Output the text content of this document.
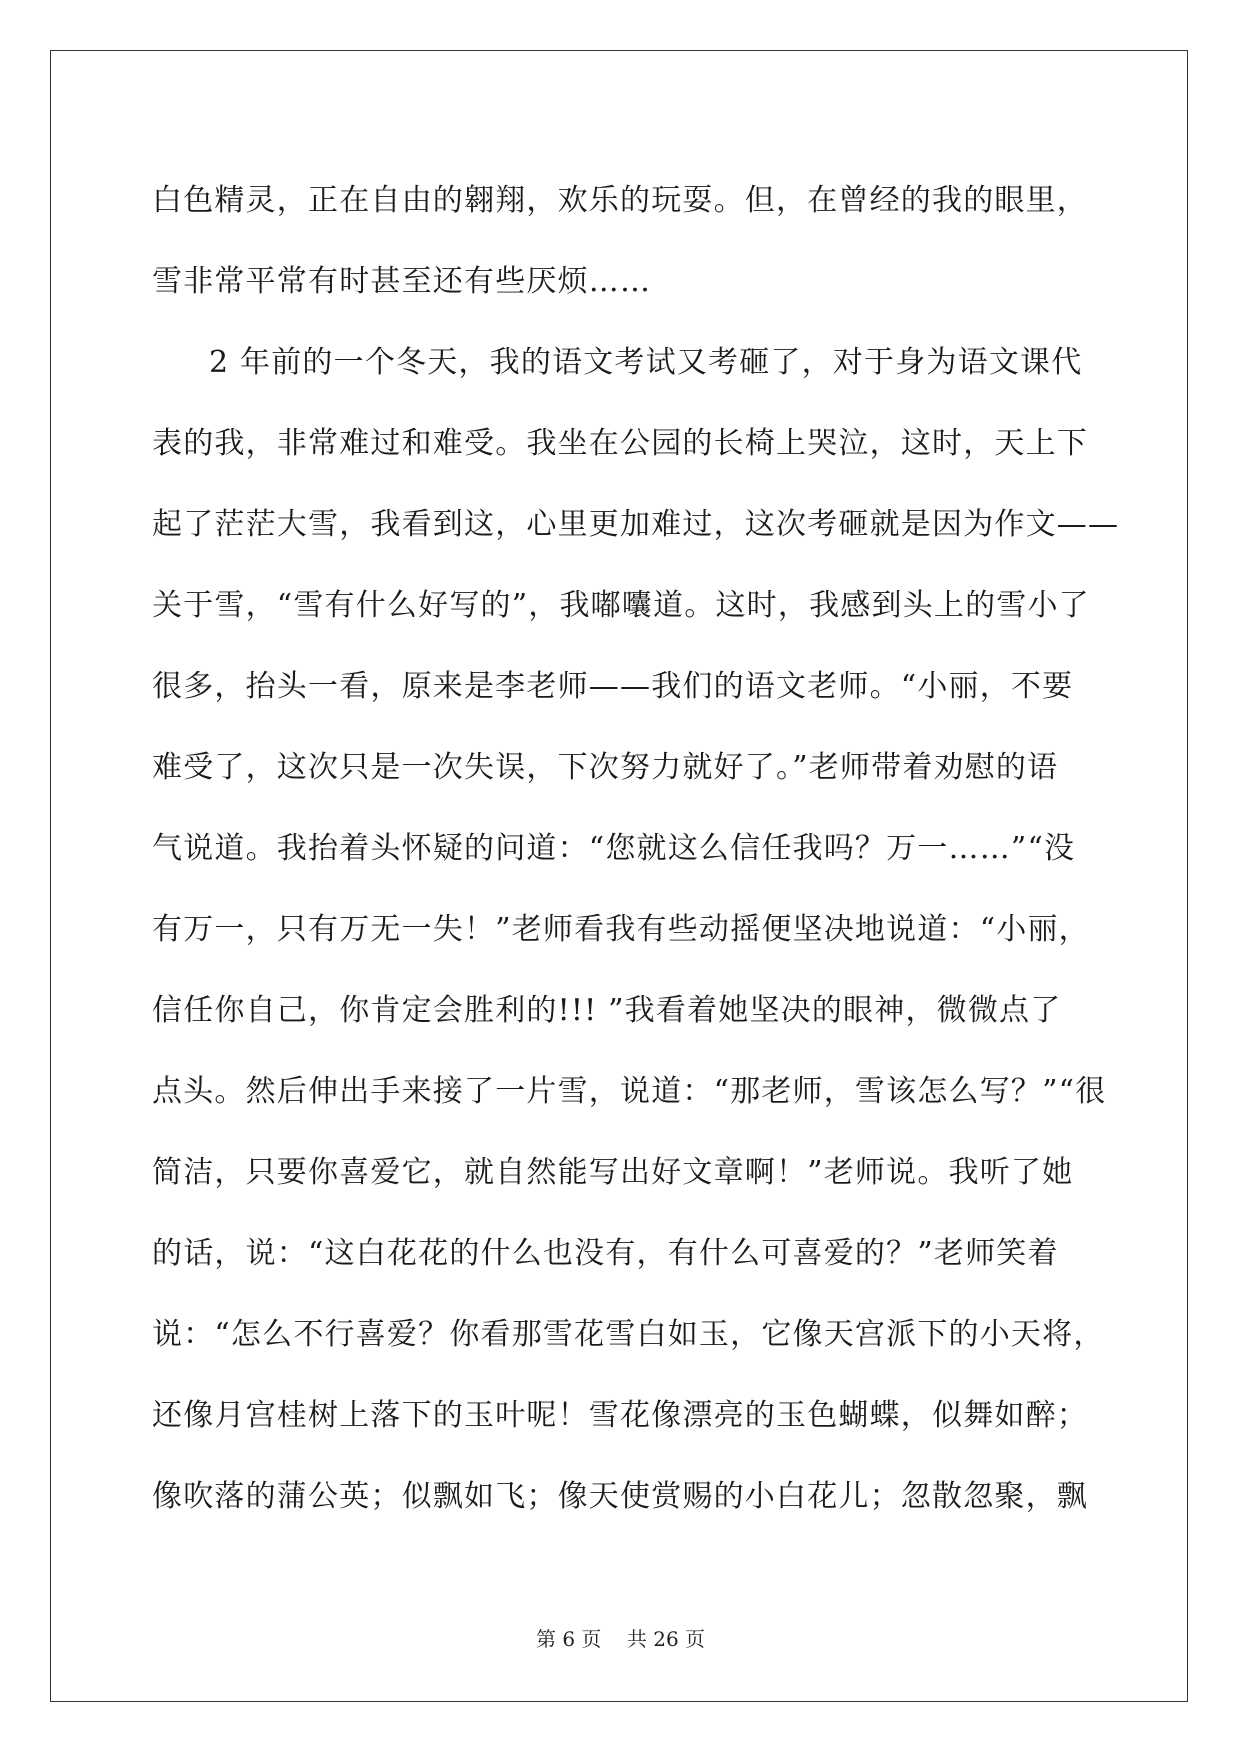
白色精灵，正在自由的翱翔，欢乐的玩耍。但，在曾经的我的眼里，
雪非常平常有时甚至还有些厌烦……
2 年前的一个冬天，我的语文考试又考砸了，对于身为语文课代
表的我，非常难过和难受。我坐在公园的长椅上哭泣，这时，天上下
起了茫茫大雪，我看到这，心里更加难过，这次考砸就是因为作文——
关于雪，“雪有什么好写的”，我嘟囔道。这时，我感到头上的雪小了
很多，抬头一看，原来是李老师——我们的语文老师。“小丽，不要
难受了，这次只是一次失误，下次努力就好了。”老师带着劝慰的语
气说道。我抬着头怀疑的问道：“您就这么信任我吗？万一……”“没
有万一，只有万无一失！”老师看我有些动摇便坚决地说道：“小丽，
信任你自己，你肯定会胜利的!!! ”我看着她坚决的眼神，微微点了
点头。然后伸出手来接了一片雪，说道：“那老师，雪该怎么写？”“很
简洁，只要你喜爱它，就自然能写出好文章啊！”老师说。我听了她
的话，说：“这白花花的什么也没有，有什么可喜爱的？”老师笑着
说：“怎么不行喜爱？你看那雪花雪白如玉，它像天宫派下的小天将，
还像月宫桂树上落下的玉叶呢！雪花像漂亮的玉色蝴蝶，似舞如醉；
像吹落的蒲公英；似飘如飞；像天使赏赐的小白花儿；忽散忽聚，飘
第 6 页 共 26 页
